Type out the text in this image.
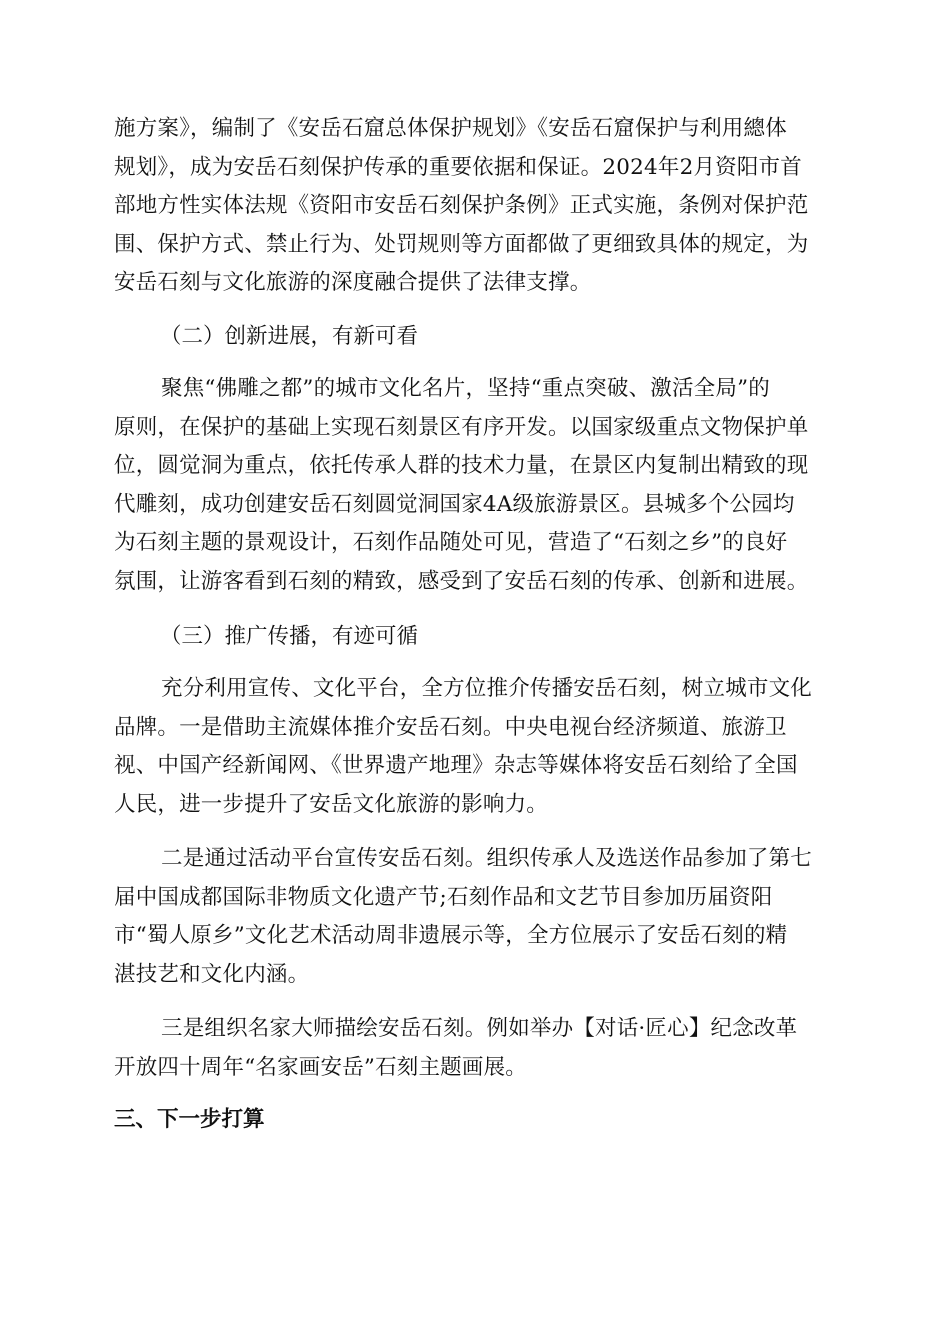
施方案》，编制了《安岳石窟总体保护规划》《安岳石窟保护与利用總体
规划》，成为安岳石刻保护传承的重要依据和保证。2024年2月资阳市首
部地方性实体法规《资阳市安岳石刻保护条例》正式实施，条例对保护范
围、保护方式、禁止行为、处罚规则等方面都做了更细致具体的规定，为
安岳石刻与文化旅游的深度融合提供了法律支撑。

（二）创新进展，有新可看

聚焦“佛雕之都”的城市文化名片，坚持“重点突破、激活全局”的
原则，在保护的基础上实现石刻景区有序开发。以国家级重点文物保护单
位，圆觉洞为重点，依托传承人群的技术力量，在景区内复制出精致的现
代雕刻，成功创建安岳石刻圆觉洞国家4A级旅游景区。县城多个公园均
为石刻主题的景观设计，石刻作品随处可见，营造了“石刻之乡”的良好
氛围，让游客看到石刻的精致，感受到了安岳石刻的传承、创新和进展。

（三）推广传播，有迹可循

充分利用宣传、文化平台，全方位推介传播安岳石刻，树立城市文化
品牌。一是借助主流媒体推介安岳石刻。中央电视台经济频道、旅游卫
视、中国产经新闻网、《世界遗产地理》杂志等媒体将安岳石刻给了全国
人民，进一步提升了安岳文化旅游的影响力。

二是通过活动平台宣传安岳石刻。组织传承人及选送作品参加了第七
届中国成都国际非物质文化遗产节;石刻作品和文艺节目参加历届资阳
市“蜀人原乡”文化艺术活动周非遗展示等，全方位展示了安岳石刻的精
湛技艺和文化内涵。

三是组织名家大师描绘安岳石刻。例如举办【对话·匠心】纪念改革
开放四十周年“名家画安岳”石刻主题画展。

三、下一步打算
